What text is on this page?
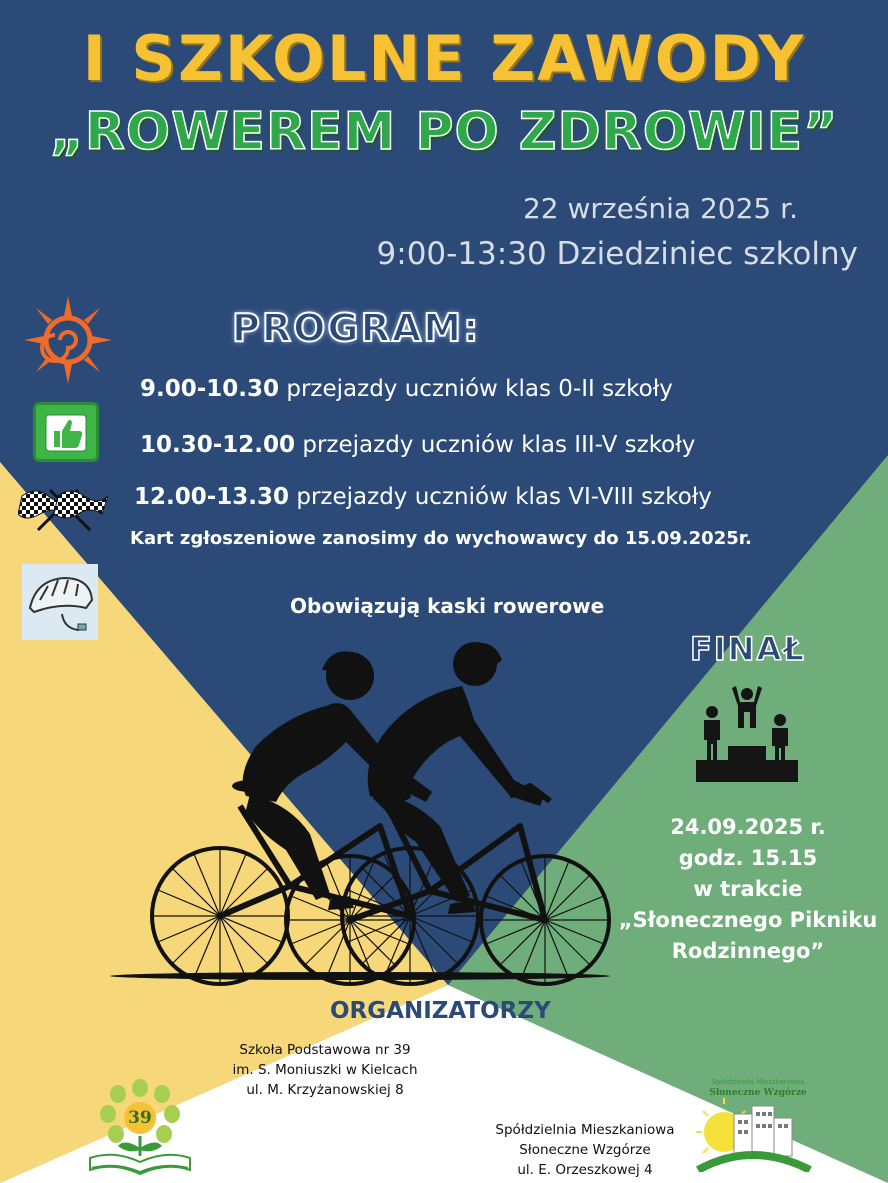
I SZKOLNE ZAWODY
„ROWEREM PO ZDROWIE”
22 września 2025 r.
9:00-13:30 Dziedziniec szkolny
PROGRAM:
9.00-10.30 przejazdy uczniów klas 0-II szkoły
10.30-12.00 przejazdy uczniów klas III-V szkoły
12.00-13.30 przejazdy uczniów klas VI-VIII szkoły
Kart zgłoszeniowe zanosimy do wychowawcy do 15.09.2025r.
Obowiązują kaski rowerowe
FINAŁ
24.09.2025 r.
godz. 15.15
w trakcie
„Słonecznego Pikniku
Rodzinnego”
ORGANIZATORZY
Szkoła Podstawowa nr 39
im. S. Moniuszki w Kielcach
ul. M. Krzyżanowskiej 8
39
Spółdzielnia Mieszkaniowa
Słoneczne Wzgórze
ul. E. Orzeszkowej 4
Spółdzielnia Mieszkaniowa
Słoneczne Wzgórze
